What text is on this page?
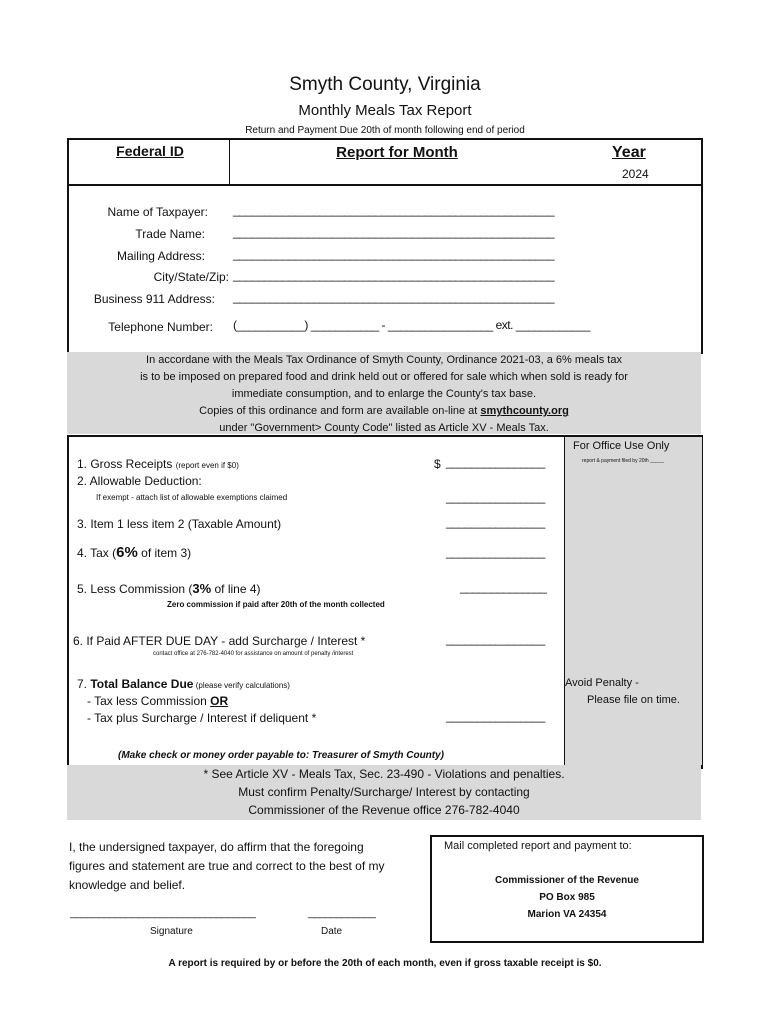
Smyth County, Virginia
Monthly Meals Tax Report
Return and Payment Due 20th of month following end of period
Federal ID	Report for Month	Year
2024
Name of Taxpayer: ____________________________________________________
Trade Name: ____________________________________________________
Mailing Address: ____________________________________________________
City/State/Zip: ____________________________________________________
Business 911 Address: ____________________________________________________
Telephone Number: (___________) ___________ - _________________ ext. ____________
In accordane with the Meals Tax Ordinance of Smyth County, Ordinance 2021-03, a 6% meals tax
is to be imposed on prepared food and drink held out or offered for sale which when sold is ready for
immediate consumption, and to enlarge the County's tax base.
Copies of this ordinance and form are available on-line at smythcounty.org
under "Government> County Code" listed as Article XV - Meals Tax.
For Office Use Only
report & payment filed by 20th _____
1. Gross Receipts (report even if $0)	$ ________________
2. Allowable Deduction:
If exempt - attach list of allowable exemptions claimed	________________
3. Item 1 less item 2 (Taxable Amount)	________________
4. Tax (6% of item 3)	________________
5. Less Commission (3% of line 4)	______________
Zero commission if paid after 20th of the month collected
6. If Paid AFTER DUE DAY - add Surcharge / Interest *	________________
contact office at 276-782-4040 for assistance on amount of penalty /interest
7. Total Balance Due (please verify calculations)
- Tax less Commission OR
- Tax plus Surcharge / Interest if deliquent *	________________
Avoid Penalty -
Please file on time.
(Make check or money order payable to: Treasurer of Smyth County)
* See Article XV - Meals Tax, Sec. 23-490 - Violations and penalties.
Must confirm Penalty/Surcharge/ Interest by contacting
Commissioner of the Revenue office 276-782-4040
I, the undersigned taxpayer, do affirm that the foregoing
figures and statement are true and correct to the best of my
knowledge and belief.
_________________________________	____________
Signature	Date
Mail completed report and payment to:
Commissioner of the Revenue
PO Box 985
Marion VA 24354
A report is required by or before the 20th of each month, even if gross taxable receipt is $0.
